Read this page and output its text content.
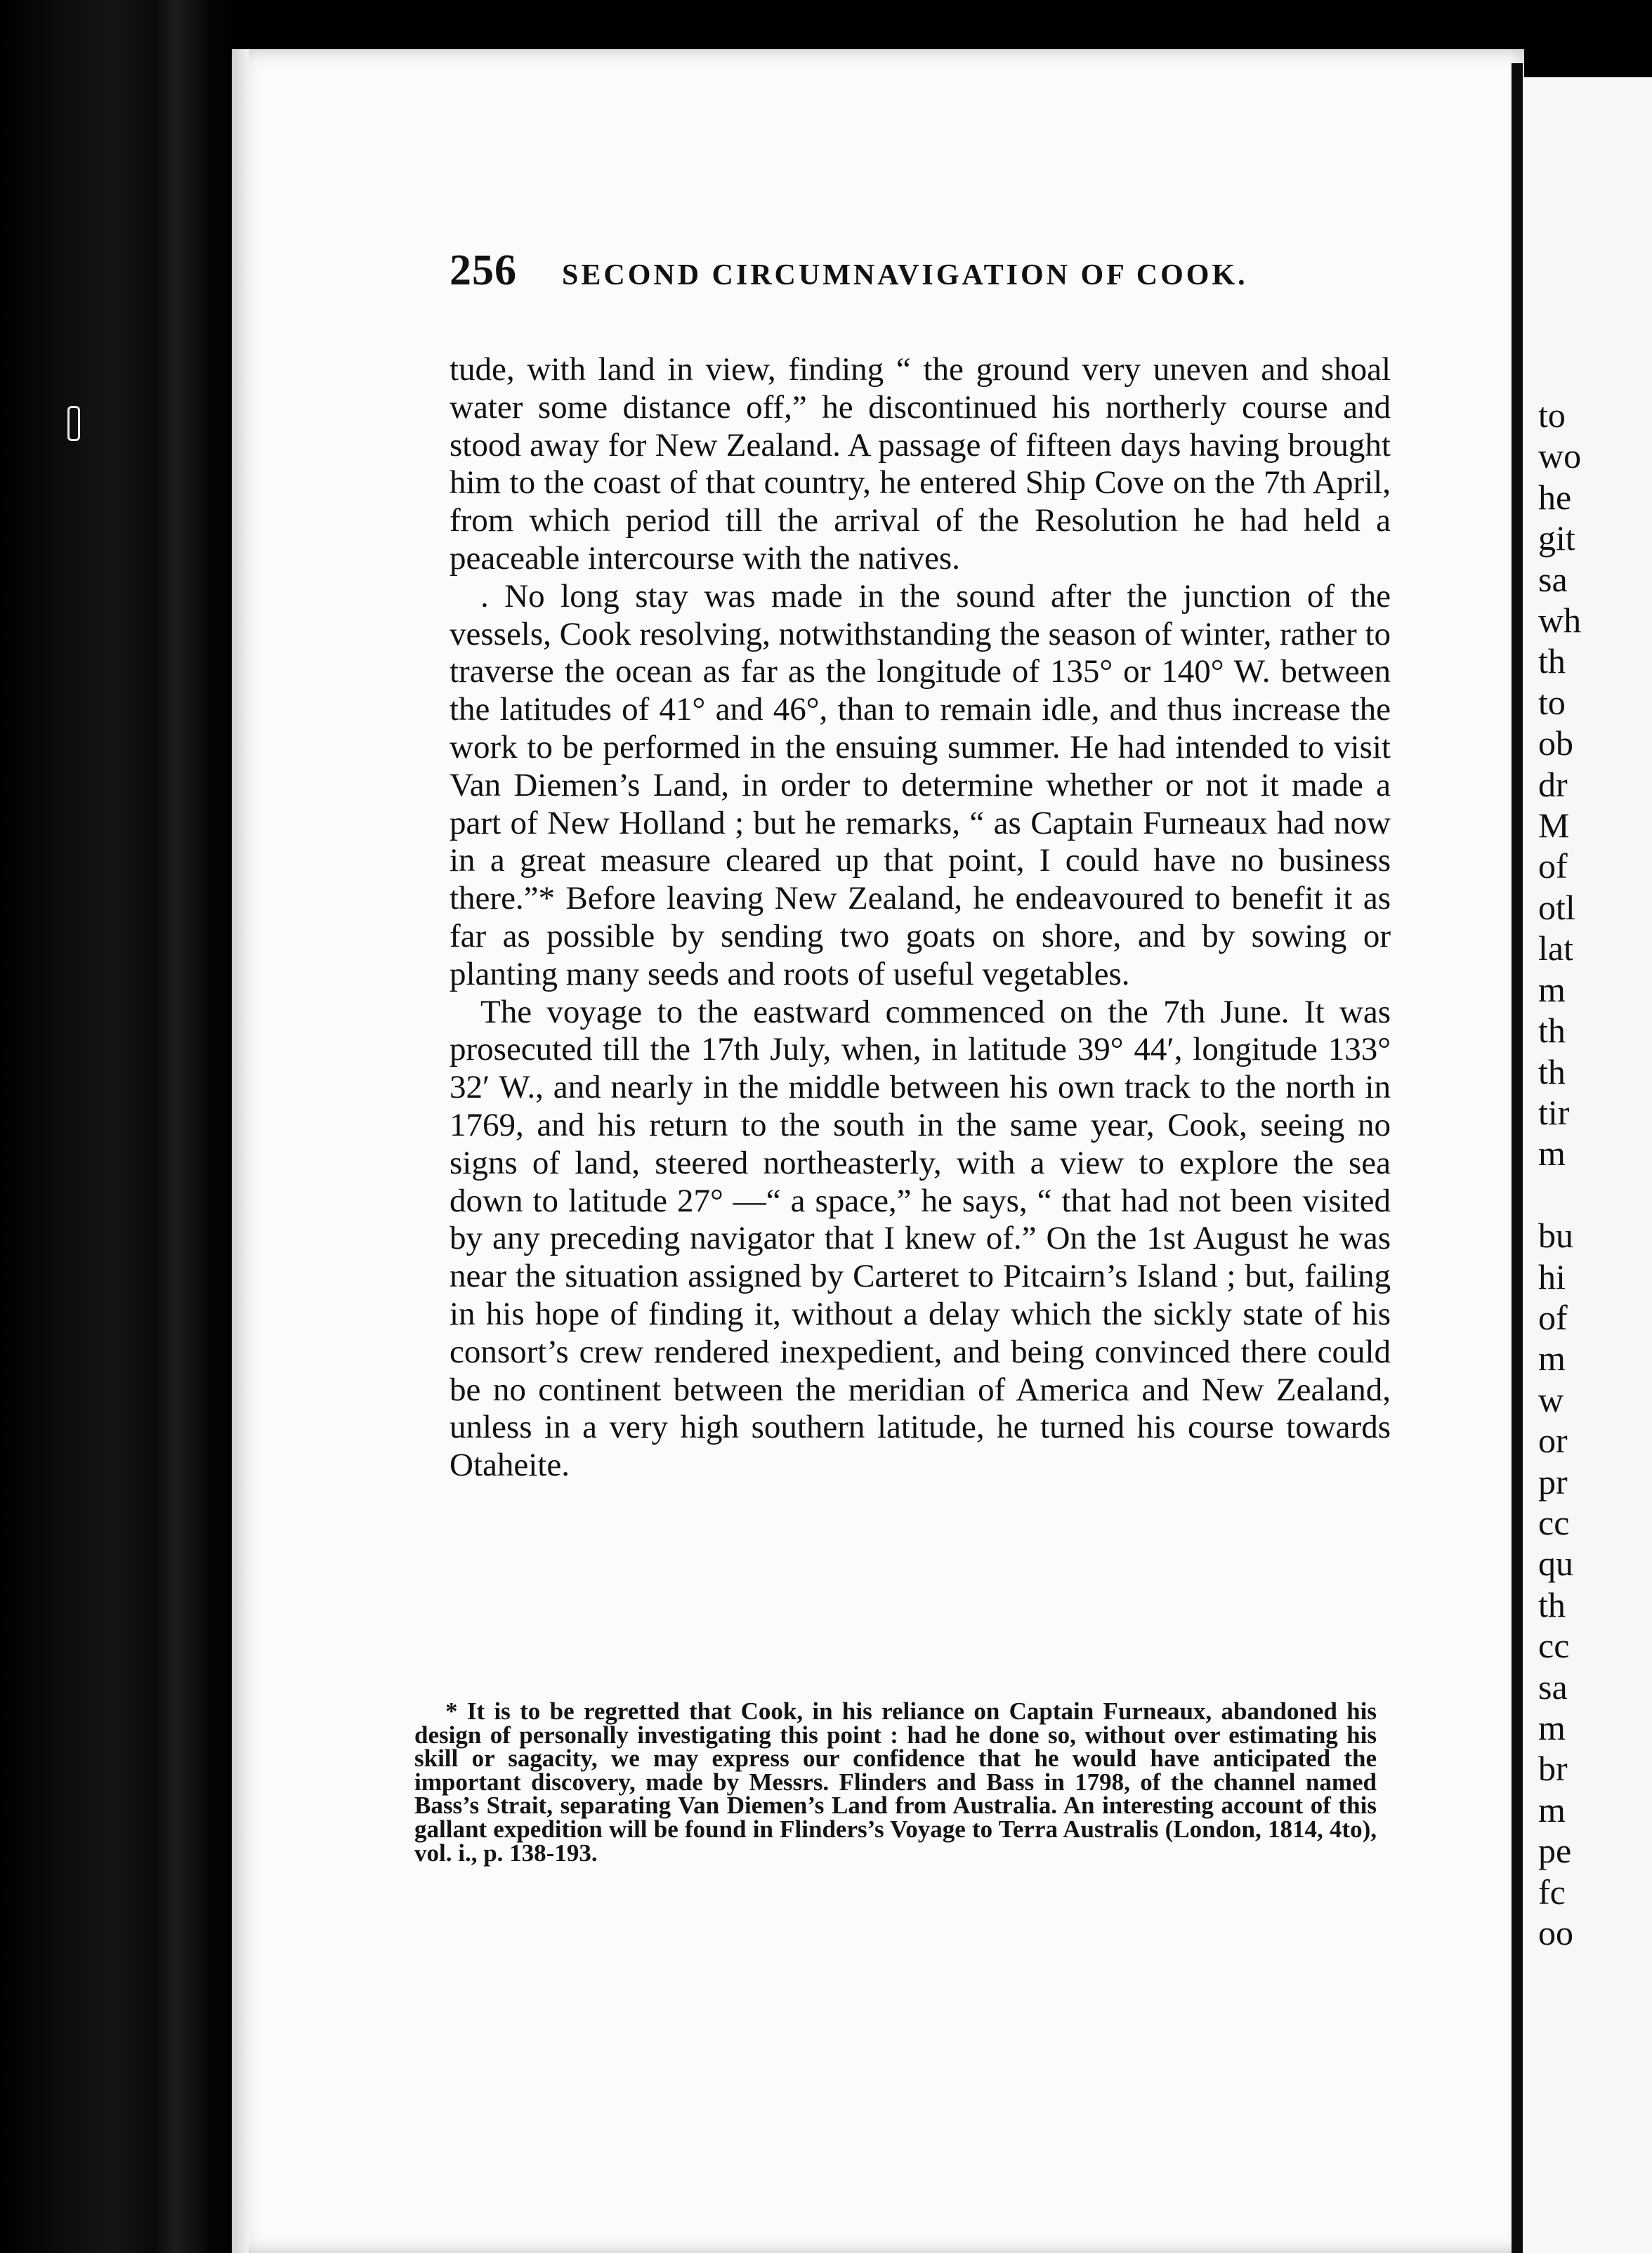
256 SECOND CIRCUMNAVIGATION OF COOK.

tude, with land in view, finding “ the ground very uneven and shoal water some distance off,” he discontinued his northerly course and stood away for New Zealand. A passage of fifteen days having brought him to the coast of that country, he entered Ship Cove on the 7th April, from which period till the arrival of the Resolution he had held a peaceable intercourse with the natives.

. No long stay was made in the sound after the junction of the vessels, Cook resolving, notwithstanding the season of winter, rather to traverse the ocean as far as the longitude of 135° or 140° W. between the latitudes of 41° and 46°, than to remain idle, and thus increase the work to be performed in the ensuing summer. He had intended to visit Van Diemen’s Land, in order to determine whether or not it made a part of New Holland ; but he remarks, “ as Captain Furneaux had now in a great measure cleared up that point, I could have no business there.”* Before leaving New Zealand, he endeavoured to benefit it as far as possible by sending two goats on shore, and by sowing or planting many seeds and roots of useful vegetables.

The voyage to the eastward commenced on the 7th June. It was prosecuted till the 17th July, when, in latitude 39° 44′, longitude 133° 32′ W., and nearly in the middle between his own track to the north in 1769, and his return to the south in the same year, Cook, seeing no signs of land, steered northeasterly, with a view to explore the sea down to latitude 27° —“ a space,” he says, “ that had not been visited by any preceding navigator that I knew of.” On the 1st August he was near the situation assigned by Carteret to Pitcairn’s Island ; but, failing in his hope of finding it, without a delay which the sickly state of his consort’s crew rendered inexpedient, and being convinced there could be no continent between the meridian of America and New Zealand, unless in a very high southern latitude, he turned his course towards Otaheite.

* It is to be regretted that Cook, in his reliance on Captain Furneaux, abandoned his design of personally investigating this point : had he done so, without over estimating his skill or sagacity, we may express our confidence that he would have anticipated the important discovery, made by Messrs. Flinders and Bass in 1798, of the channel named Bass’s Strait, separating Van Diemen’s Land from Australia. An interesting account of this gallant expedition will be found in Flinders’s Voyage to Terra Australis (London, 1814, 4to), vol. i., p. 138-193.

to
wo
he
git
sa
wh
th
to
ob
dr
M
of
otl
lat
m
th
th
tir
m

bu
hi
of
m
w
or
pr
cc
qu
th
cc
sa
m
br
m
pe
fc
oo
